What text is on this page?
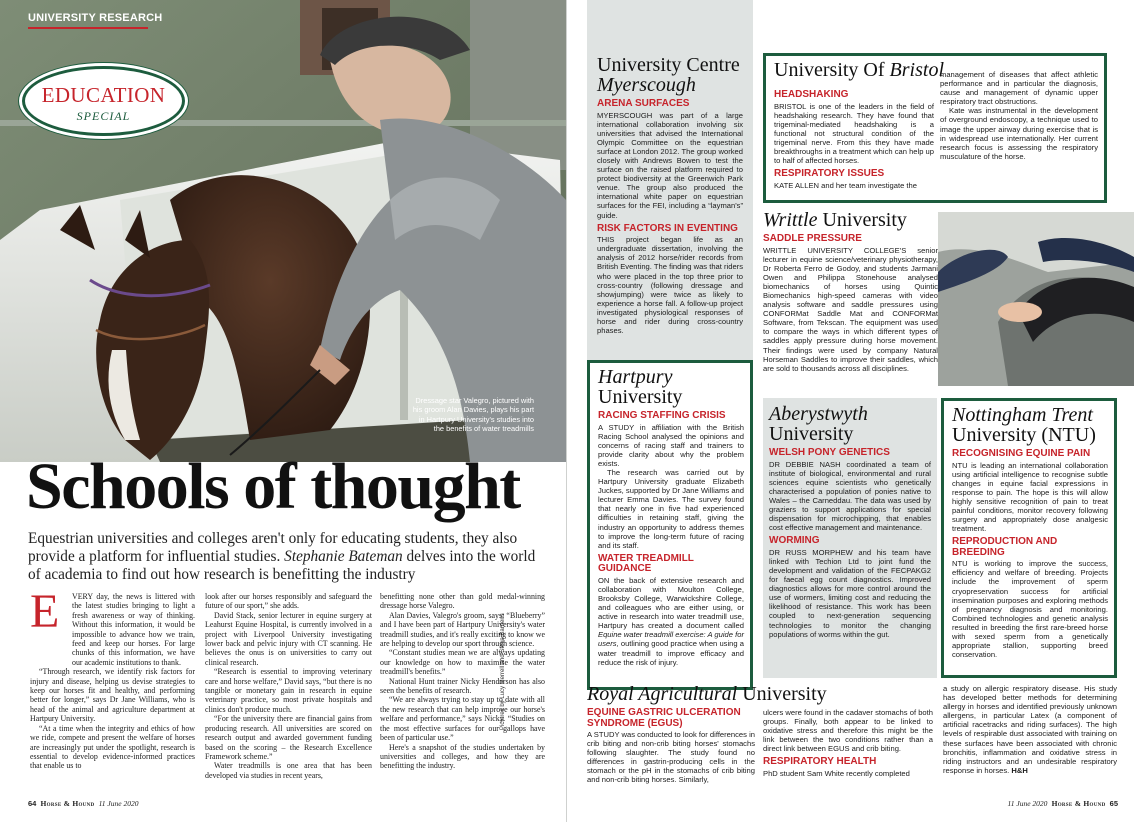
UNIVERSITY RESEARCH
EDUCATION
SPECIAL
Dressage star Valegro, pictured with his groom Alan Davies, plays his part in Hartpury University's studies into the benefits of water treadmills
Schools of thought
Equestrian universities and colleges aren't only for educating students, they also provide a platform for influential studies. Stephanie Bateman delves into the world of academia to find out how research is benefitting the industry
E	VERY day, the news is littered with the latest studies bringing to light a fresh awareness or way of thinking. Without this information, it would be impossible to advance how we train, feed and keep our horses. For large chunks of this information, we have our academic institutions to thank.

“Through research, we identify risk factors for injury and disease, helping us devise strategies to keep our horses fit and healthy, and performing better for longer,” says Dr Jane Williams, who is head of the animal and agriculture department at Hartpury University.

“At a time when the integrity and ethics of how we ride, compete and present the welfare of horses are increasingly put under the spotlight, research is essential to develop evidence-informed practices that enable us to

look after our horses responsibly and safeguard the future of our sport,” she adds.

David Stack, senior lecturer in equine surgery at Leahurst Equine Hospital, is currently involved in a project with Liverpool University investigating lower back and pelvic injury with CT scanning. He believes the onus is on universities to carry out clinical research.

“Research is essential to improving veterinary care and horse welfare,” David says, “but there is no tangible or monetary gain in research in equine veterinary practice, so most private hospitals and clinics don't produce much.

“For the university there are financial gains from producing research. All universities are scored on research output and awarded government funding based on the scoring – the Research Excellence Framework scheme.”

Water treadmills is one area that has been developed via studies in recent years,

benefitting none other than gold medal-winning dressage horse Valegro.

Alan Davies, Valegro's groom, says: “Blueberry” and I have been part of Hartpury University's water treadmill studies, and it's really exciting to know we are helping to develop our sport through science.

“Constant studies mean we are always updating our knowledge on how to maximise the water treadmill's benefits.”

National Hunt trainer Nicky Henderson has also seen the benefits of research.

“We are always trying to stay up to date with all the new research that can help improve our horse's welfare and performance,” says Nicky. “Studies on the most effective surfaces for our gallops have been of particular use.”

Here's a snapshot of the studies undertaken by universities and colleges, and how they are benefitting the industry.

Pictures by Lucy Merrell and Steve Bardens
64 Horse & Hound 11 June 2020
University Centre
Myerscough
ARENA SURFACES
MYERSCOUGH was part of a large international collaboration involving six universities that advised the International Olympic Committee on the equestrian surface at London 2012. The group worked closely with Andrews Bowen to test the surface on the raised platform required to protect biodiversity at the Greenwich Park venue. The group also produced the international white paper on equestrian surfaces for the FEI, including a “layman's” guide.
RISK FACTORS IN EVENTING
THIS project began life as an undergraduate dissertation, involving the analysis of 2012 horse/rider records from British Eventing. The finding was that riders who were placed in the top three prior to cross-country (following dressage and showjumping) were twice as likely to experience a horse fall. A follow-up project investigated physiological responses of horse and rider during cross-country phases.
University Of Bristol
HEADSHAKING
BRISTOL is one of the leaders in the field of headshaking research. They have found that trigeminal-mediated headshaking is a functional not structural condition of the trigeminal nerve. From this they have made breakthroughs in a treatment which can help up to half of affected horses.
RESPIRATORY ISSUES
KATE ALLEN and her team investigate the
management of diseases that affect athletic performance and in particular the diagnosis, cause and management of dynamic upper respiratory tract obstructions.
Kate was instrumental in the development of overground endoscopy, a technique used to image the upper airway during exercise that is in widespread use internationally. Her current research focus is assessing the respiratory musculature of the horse.
Writtle University
SADDLE PRESSURE
WRITTLE UNIVERSITY COLLEGE'S senior lecturer in equine science/veterinary physiotherapy, Dr Roberta Ferro de Godoy, and students Jarmani Owen and Philippa Stonehouse analysed biomechanics of horses using Quintic Biomechanics high-speed cameras with video analysis software and saddle pressures using CONFORMat Saddle Mat and CONFORMat Software, from Tekscan. The equipment was used to compare the ways in which different types of saddles apply pressure during horse movement. Their findings were used by company Natural Horseman Saddles to improve their saddles, which are sold to thousands across all disciplines.
Hartpury
University
RACING STAFFING CRISIS
A STUDY in affiliation with the British Racing School analysed the opinions and concerns of racing staff and trainers to provide clarity about why the problem exists.
The research was carried out by Hartpury University graduate Elizabeth Juckes, supported by Dr Jane Williams and lecturer Emma Davies. The survey found that nearly one in five had experienced difficulties in retaining staff, giving the industry an opportunity to address themes to improve the long-term future of racing and its staff.
WATER TREADMILL GUIDANCE
ON the back of extensive research and collaboration with Moulton College, Brooksby College, Warwickshire College, and colleagues who are either using, or active in research into water treadmill use, Hartpury has created a document called Equine water treadmill exercise: A guide for users, outlining good practice when using a water treadmill to improve efficacy and reduce the risk of injury.
Aberystwyth
University
WELSH PONY GENETICS
DR DEBBIE NASH coordinated a team of institute of biological, environmental and rural sciences equine scientists who genetically characterised a population of ponies native to Wales – the Carneddau. The data was used by graziers to support applications for special dispensation for microchipping, that enables cost effective management and maintenance.
WORMING
DR RUSS MORPHEW and his team have linked with Techion Ltd to joint fund the development and validation of the FECPAKG2 for faecal egg count diagnostics. Improved diagnostics allows for more control around the use of wormers, limiting cost and reducing the likelihood of resistance. This work has been coupled to next-generation sequencing technologies to monitor the changing populations of worms within the gut.
Nottingham Trent
University (NTU)
RECOGNISING EQUINE PAIN
NTU is leading an international collaboration using artificial intelligence to recognise subtle changes in equine facial expressions in response to pain. The hope is this will allow highly sensitive recognition of pain to treat painful conditions, monitor recovery following surgery and appropriately dose analgesic treatment.
REPRODUCTION AND BREEDING
NTU is working to improve the success, efficiency and welfare of breeding. Projects include the improvement of sperm cryopreservation success for artificial insemination purposes and exploring methods of pregnancy diagnosis and monitoring. Combined technologies and genetic analysis resulted in breeding the first rare-breed horse with sexed sperm from a genetically appropriate stallion, supporting breed conservation.
Royal Agricultural University
EQUINE GASTRIC ULCERATION SYNDROME (EGUS)
A STUDY was conducted to look for differences in crib biting and non-crib biting horses' stomachs following slaughter. The study found no differences in gastrin-producing cells in the stomach or the pH in the stomachs of crib biting and non-crib biting horses. Similarly,
ulcers were found in the cadaver stomachs of both groups. Finally, both appear to be linked to oxidative stress and therefore this might be the link between the two conditions rather than a direct link between EGUS and crib biting.
RESPIRATORY HEALTH
PhD student Sam White recently completed
a study on allergic respiratory disease. His study has developed better methods for determining allergy in horses and identified previously unknown allergens, in particular Latex (a component of artificial racetracks and riding surfaces). The high levels of respirable dust associated with training on these surfaces have been associated with chronic bronchitis, inflammation and oxidative stress in riding instructors and an undesirable respiratory response in horses. H&H
11 June 2020 Horse & Hound 65
